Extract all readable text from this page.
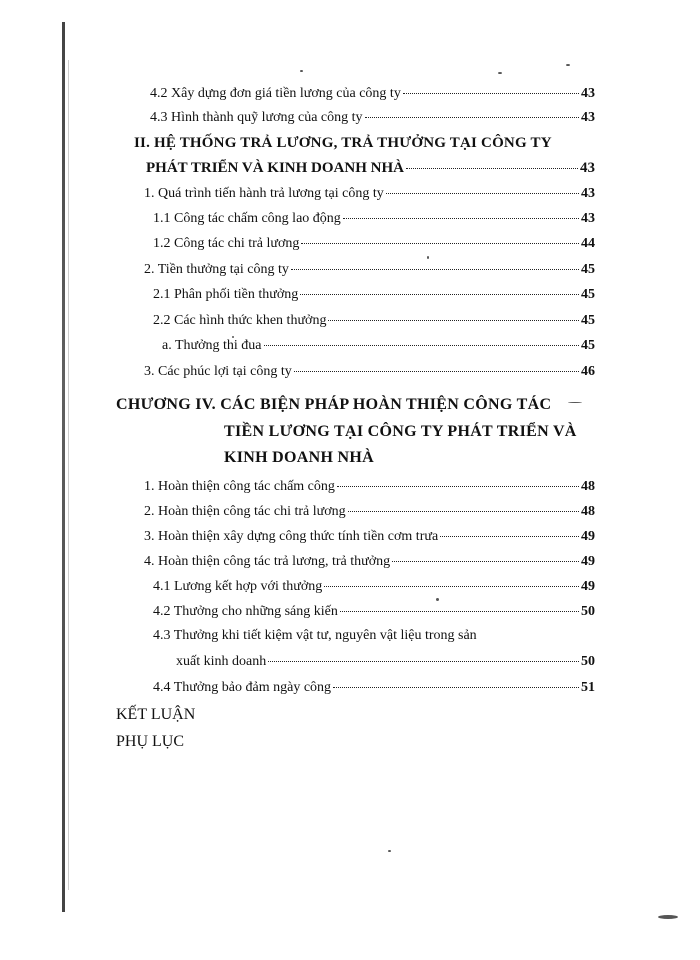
4.2 Xây dựng đơn giá tiền lương của công ty	43
4.3 Hình thành quỹ lương của công ty	43
II. HỆ THỐNG TRẢ LƯƠNG, TRẢ THƯỞNG TẠI CÔNG TY
PHÁT TRIỂN VÀ KINH DOANH NHÀ	43
1. Quá trình tiến hành trả lương tại công ty	43
1.1 Công tác chấm công lao động	43
1.2 Công tác chi trả lương	44
2. Tiền thưởng tại công ty	45
2.1 Phân phối tiền thưởng	45
2.2 Các hình thức khen thưởng	45
a. Thưởng thi đua	45
3. Các phúc lợi tại công ty	46
CHƯƠNG IV. CÁC BIỆN PHÁP HOÀN THIỆN CÔNG TÁC
TIỀN LƯƠNG TẠI CÔNG TY PHÁT TRIỂN VÀ
KINH DOANH NHÀ
1. Hoàn thiện công tác chấm công	48
2. Hoàn thiện công tác chi trả lương	48
3. Hoàn thiện xây dựng công thức tính tiền cơm trưa	49
4. Hoàn thiện công tác trả lương, trả thưởng	49
4.1 Lương kết hợp với thưởng	49
4.2 Thưởng cho những sáng kiến	50
4.3 Thưởng khi tiết kiệm vật tư, nguyên vật liệu trong sản
xuất kinh doanh	50
4.4 Thưởng bảo đảm ngày công	51
KẾT LUẬN
PHỤ LỤC
